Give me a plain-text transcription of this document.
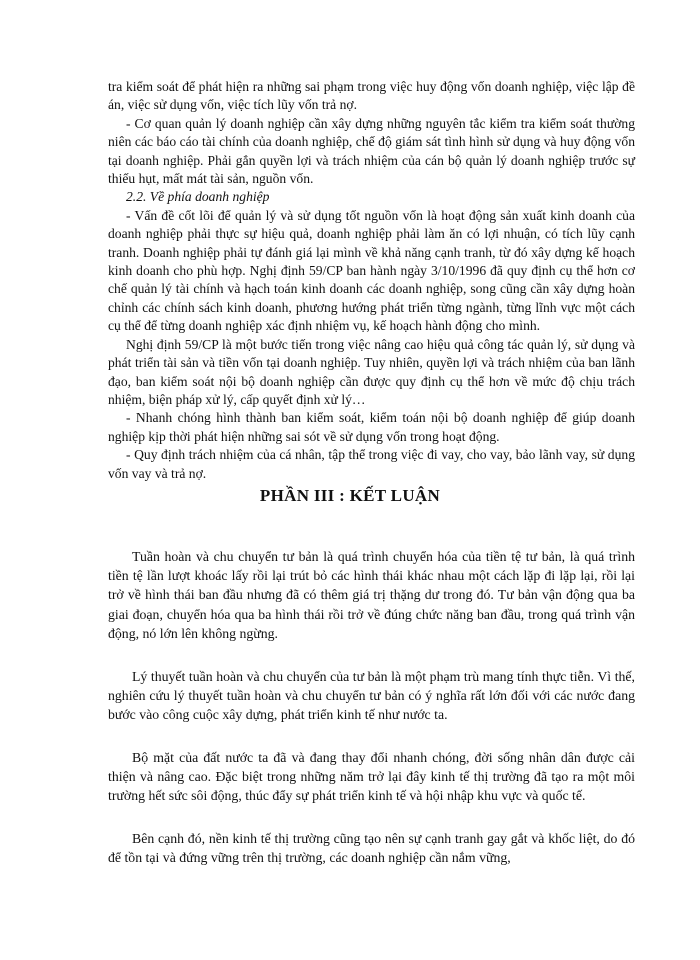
tra kiểm soát để phát hiện ra những sai phạm trong việc huy động vốn doanh nghiệp, việc lập đề án, việc sử dụng vốn, việc tích lũy vốn trả nợ.

- Cơ quan quản lý doanh nghiệp cần xây dựng những nguyên tắc kiểm tra kiểm soát thường niên các báo cáo tài chính của doanh nghiệp, chế độ giám sát tình hình sử dụng và huy động vốn tại doanh nghiệp. Phải gắn quyền lợi và trách nhiệm của cán bộ quản lý doanh nghiệp trước sự thiếu hụt, mất mát tài sản, nguồn vốn.

2.2. Về phía doanh nghiệp

- Vấn đề cốt lõi để quản lý và sử dụng tốt nguồn vốn là hoạt động sản xuất kinh doanh của doanh nghiệp phải thực sự hiệu quả, doanh nghiệp phải làm ăn có lợi nhuận, có tích lũy cạnh tranh. Doanh nghiệp phải tự đánh giá lại mình về khả năng cạnh tranh, từ đó xây dựng kế hoạch kinh doanh cho phù hợp. Nghị định 59/CP ban hành ngày 3/10/1996 đã quy định cụ thể hơn cơ chế quản lý tài chính và hạch toán kinh doanh các doanh nghiệp, song cũng cần xây dựng hoàn chỉnh các chính sách kinh doanh, phương hướng phát triển từng ngành, từng lĩnh vực một cách cụ thể để từng doanh nghiệp xác định nhiệm vụ, kế hoạch hành động cho mình.

Nghị định 59/CP là một bước tiến trong việc nâng cao hiệu quả công tác quản lý, sử dụng và phát triển tài sản và tiền vốn tại doanh nghiệp. Tuy nhiên, quyền lợi và trách nhiệm của ban lãnh đạo, ban kiểm soát nội bộ doanh nghiệp cần được quy định cụ thể hơn về mức độ chịu trách nhiệm, biện pháp xử lý, cấp quyết định xử lý…

- Nhanh chóng hình thành ban kiểm soát, kiểm toán nội bộ doanh nghiệp để giúp doanh nghiệp kịp thời phát hiện những sai sót về sử dụng vốn trong hoạt động.

- Quy định trách nhiệm của cá nhân, tập thể trong việc đi vay, cho vay, bảo lãnh vay, sử dụng vốn vay và trả nợ.

PHẦN III : KẾT LUẬN

Tuần hoàn và chu chuyển tư bản là quá trình chuyển hóa của tiền tệ tư bản, là quá trình tiền tệ lần lượt khoác lấy rồi lại trút bỏ các hình thái khác nhau một cách lặp đi lặp lại, rồi lại trở về hình thái ban đầu nhưng đã có thêm giá trị thặng dư trong đó. Tư bản vận động qua ba giai đoạn, chuyển hóa qua ba hình thái rồi trở về đúng chức năng ban đầu, trong quá trình vận động, nó lớn lên không ngừng.

Lý thuyết tuần hoàn và chu chuyển của tư bản là một phạm trù mang tính thực tiễn. Vì thế, nghiên cứu lý thuyết tuần hoàn và chu chuyển tư bản có ý nghĩa rất lớn đối với các nước đang bước vào công cuộc xây dựng, phát triển kinh tế như nước ta.

Bộ mặt của đất nước ta đã và đang thay đổi nhanh chóng, đời sống nhân dân được cải thiện và nâng cao. Đặc biệt trong những năm trở lại đây kinh tế thị trường đã tạo ra một môi trường hết sức sôi động, thúc đẩy sự phát triển kinh tế và hội nhập khu vực và quốc tế.

Bên cạnh đó, nền kinh tế thị trường cũng tạo nên sự cạnh tranh gay gắt và khốc liệt, do đó để tồn tại và đứng vững trên thị trường, các doanh nghiệp cần nắm vững,
